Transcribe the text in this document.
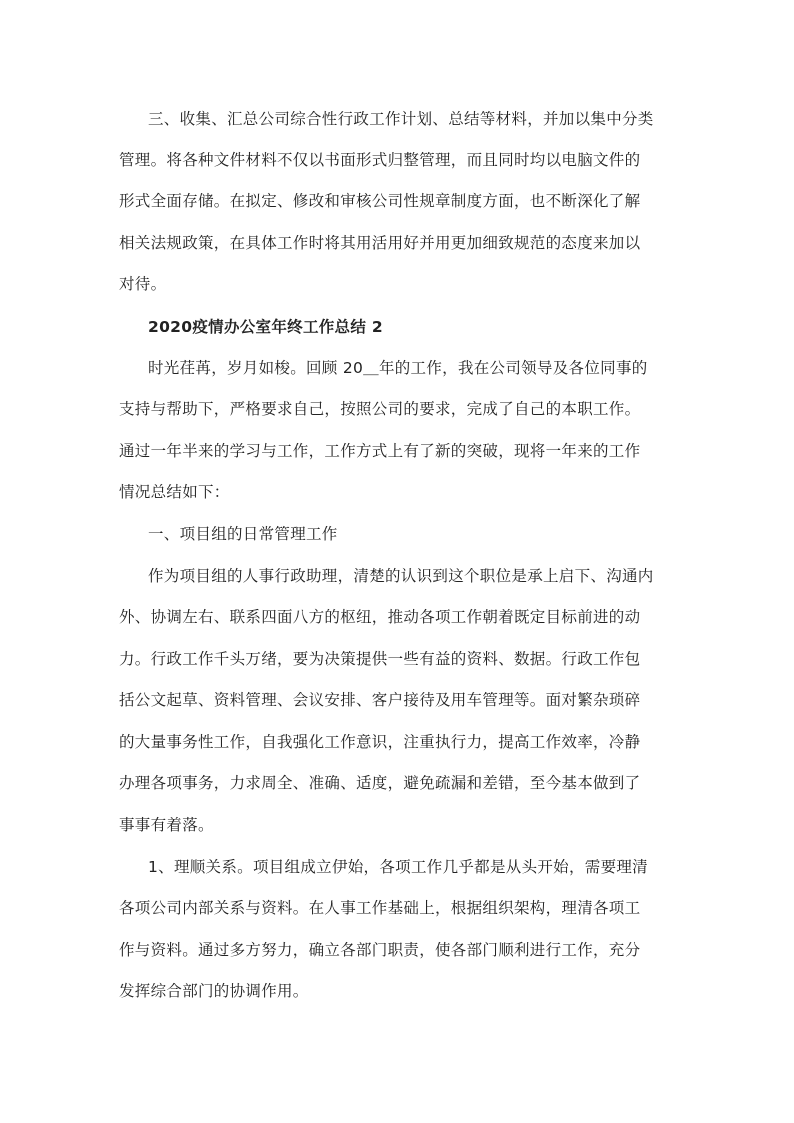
三、收集、汇总公司综合性行政工作计划、总结等材料，并加以集中分类
管理。将各种文件材料不仅以书面形式归整管理，而且同时均以电脑文件的
形式全面存储。在拟定、修改和审核公司性规章制度方面，也不断深化了解
相关法规政策，在具体工作时将其用活用好并用更加细致规范的态度来加以
对待。
2020疫情办公室年终工作总结 2
时光荏苒，岁月如梭。回顾 20＿年的工作，我在公司领导及各位同事的
支持与帮助下，严格要求自己，按照公司的要求，完成了自己的本职工作。
通过一年半来的学习与工作，工作方式上有了新的突破，现将一年来的工作
情况总结如下：
一、项目组的日常管理工作
作为项目组的人事行政助理，清楚的认识到这个职位是承上启下、沟通内
外、协调左右、联系四面八方的枢纽，推动各项工作朝着既定目标前进的动
力。行政工作千头万绪，要为决策提供一些有益的资料、数据。行政工作包
括公文起草、资料管理、会议安排、客户接待及用车管理等。面对繁杂琐碎
的大量事务性工作，自我强化工作意识，注重执行力，提高工作效率，冷静
办理各项事务，力求周全、准确、适度，避免疏漏和差错，至今基本做到了
事事有着落。
1、理顺关系。项目组成立伊始，各项工作几乎都是从头开始，需要理清
各项公司内部关系与资料。在人事工作基础上，根据组织架构，理清各项工
作与资料。通过多方努力，确立各部门职责，使各部门顺利进行工作，充分
发挥综合部门的协调作用。
